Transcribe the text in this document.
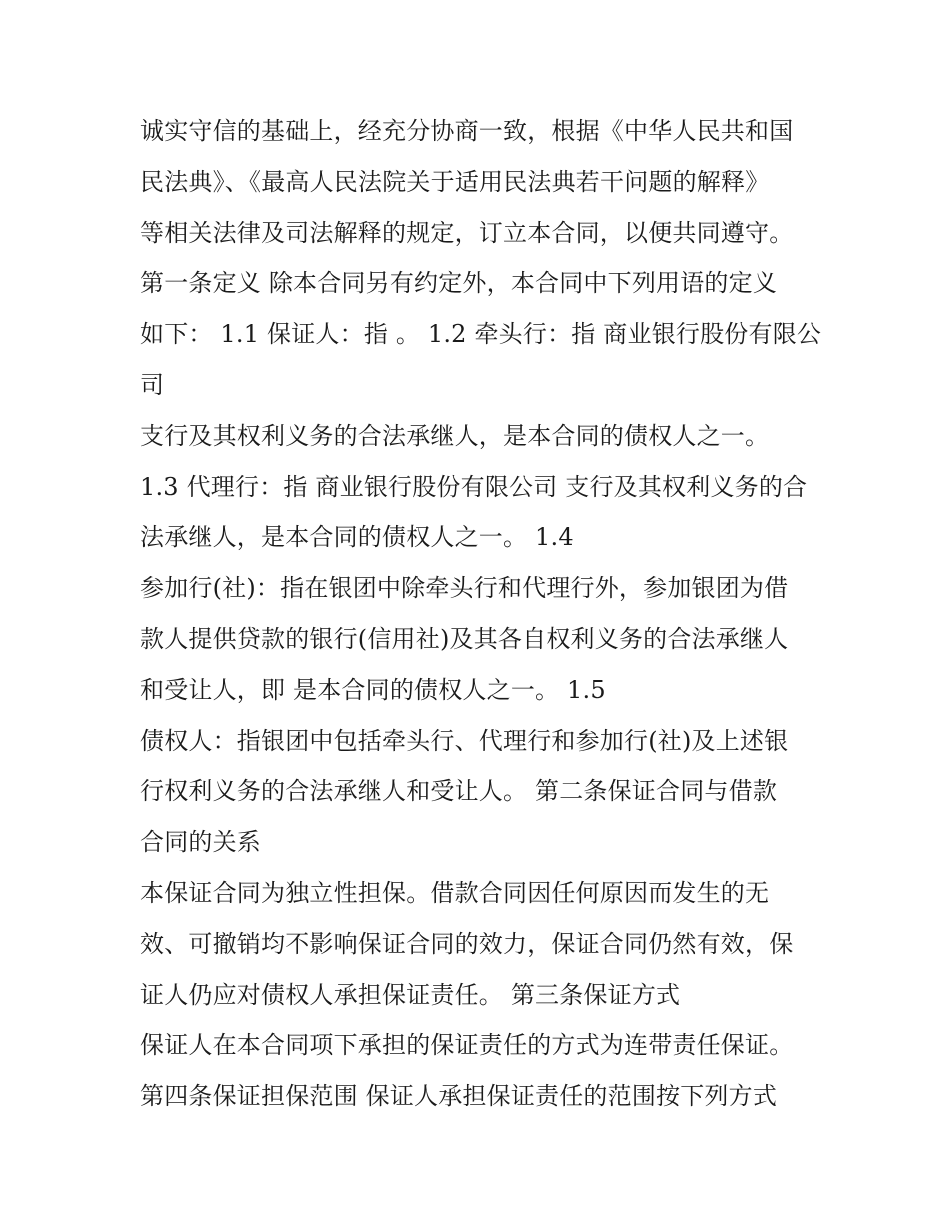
诚实守信的基础上，经充分协商一致，根据《中华人民共和国
民法典》、《最高人民法院关于适用民法典若干问题的解释》
等相关法律及司法解释的规定，订立本合同，以便共同遵守。
第一条定义 除本合同另有约定外，本合同中下列用语的定义
如下： 1.1 保证人：指 。 1.2 牵头行：指 商业银行股份有限公
司
支行及其权利义务的合法承继人，是本合同的债权人之一。
1.3 代理行：指 商业银行股份有限公司 支行及其权利义务的合
法承继人，是本合同的债权人之一。 1.4
参加行(社)：指在银团中除牵头行和代理行外，参加银团为借
款人提供贷款的银行(信用社)及其各自权利义务的合法承继人
和受让人，即 是本合同的债权人之一。 1.5
债权人：指银团中包括牵头行、代理行和参加行(社)及上述银
行权利义务的合法承继人和受让人。 第二条保证合同与借款
合同的关系
本保证合同为独立性担保。借款合同因任何原因而发生的无
效、可撤销均不影响保证合同的效力，保证合同仍然有效，保
证人仍应对债权人承担保证责任。 第三条保证方式
保证人在本合同项下承担的保证责任的方式为连带责任保证。
第四条保证担保范围 保证人承担保证责任的范围按下列方式
